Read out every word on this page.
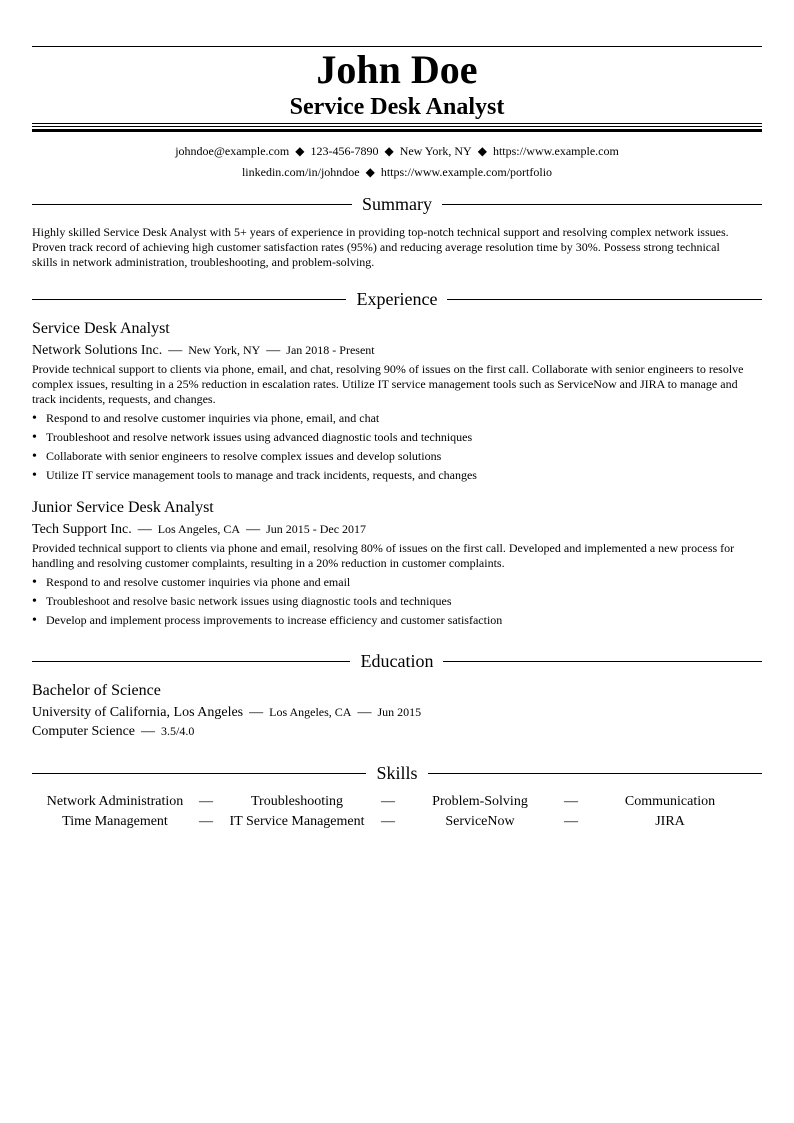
John Doe
Service Desk Analyst
johndoe@example.com ◆ 123-456-7890 ◆ New York, NY ◆ https://www.example.com
linkedin.com/in/johndoe ◆ https://www.example.com/portfolio
Summary
Highly skilled Service Desk Analyst with 5+ years of experience in providing top-notch technical support and resolving complex network issues. Proven track record of achieving high customer satisfaction rates (95%) and reducing average resolution time by 30%. Possess strong technical skills in network administration, troubleshooting, and problem-solving.
Experience
Service Desk Analyst
Network Solutions Inc. — New York, NY — Jan 2018 - Present
Provide technical support to clients via phone, email, and chat, resolving 90% of issues on the first call. Collaborate with senior engineers to resolve complex issues, resulting in a 25% reduction in escalation rates. Utilize IT service management tools such as ServiceNow and JIRA to manage and track incidents, requests, and changes.
• Respond to and resolve customer inquiries via phone, email, and chat
• Troubleshoot and resolve network issues using advanced diagnostic tools and techniques
• Collaborate with senior engineers to resolve complex issues and develop solutions
• Utilize IT service management tools to manage and track incidents, requests, and changes
Junior Service Desk Analyst
Tech Support Inc. — Los Angeles, CA — Jun 2015 - Dec 2017
Provided technical support to clients via phone and email, resolving 80% of issues on the first call. Developed and implemented a new process for handling and resolving customer complaints, resulting in a 20% reduction in customer complaints.
• Respond to and resolve customer inquiries via phone and email
• Troubleshoot and resolve basic network issues using diagnostic tools and techniques
• Develop and implement process improvements to increase efficiency and customer satisfaction
Education
Bachelor of Science
University of California, Los Angeles — Los Angeles, CA — Jun 2015
Computer Science — 3.5/4.0
Skills
Network Administration	—	Troubleshooting	—	Problem-Solving	—	Communication
Time Management	—	IT Service Management	—	ServiceNow	—	JIRA
